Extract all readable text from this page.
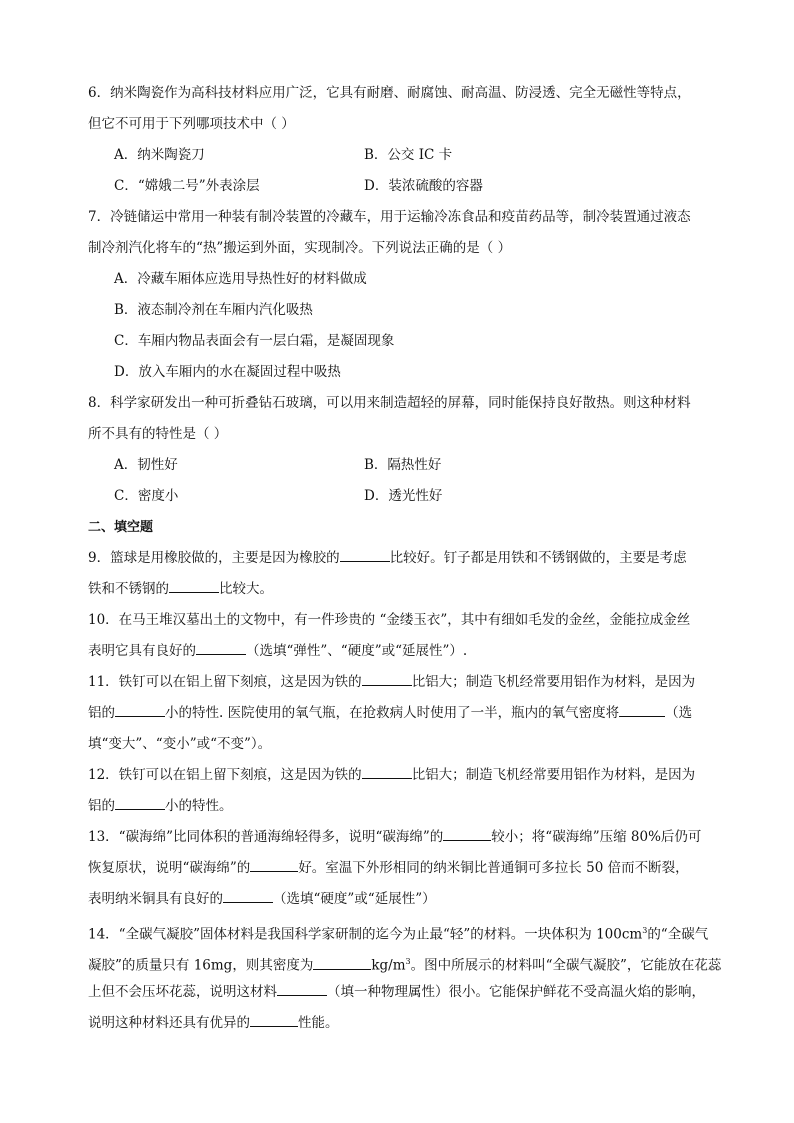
6．纳米陶瓷作为高科技材料应用广泛，它具有耐磨、耐腐蚀、耐高温、防浸透、完全无磁性等特点，
但它不可用于下列哪项技术中（ ）
A．纳米陶瓷刀	B．公交 IC 卡
C．“嫦娥二号”外表涂层	D．装浓硫酸的容器
7．冷链储运中常用一种装有制冷装置的冷藏车，用于运输冷冻食品和疫苗药品等，制冷装置通过液态
制冷剂汽化将车的“热”搬运到外面，实现制冷。下列说法正确的是（ ）
A．冷藏车厢体应选用导热性好的材料做成
B．液态制冷剂在车厢内汽化吸热
C．车厢内物品表面会有一层白霜，是凝固现象
D．放入车厢内的水在凝固过程中吸热
8．科学家研发出一种可折叠钻石玻璃，可以用来制造超轻的屏幕，同时能保持良好散热。则这种材料
所不具有的特性是（ ）
A．韧性好	B．隔热性好
C．密度小	D．透光性好
二、填空题
9．篮球是用橡胶做的，主要是因为橡胶的	比较好。钉子都是用铁和不锈钢做的，主要是考虑
铁和不锈钢的	比较大。
10．在马王堆汉墓出土的文物中，有一件珍贵的 “金缕玉衣”，其中有细如毛发的金丝，金能拉成金丝
表明它具有良好的	（选填“弹性”、“硬度”或“延展性”）.
11．铁钉可以在铝上留下刻痕，这是因为铁的	比铝大；制造飞机经常要用铝作为材料，是因为
铝的	小的特性. 医院使用的氧气瓶，在抢救病人时使用了一半，瓶内的氧气密度将	（选
填“变大”、“变小”或“不变”）。
12．铁钉可以在铝上留下刻痕，这是因为铁的	比铝大；制造飞机经常要用铝作为材料，是因为
铝的	小的特性。
13．“碳海绵”比同体积的普通海绵轻得多，说明“碳海绵”的	较小；将“碳海绵”压缩 80%后仍可
恢复原状，说明“碳海绵”的	好。室温下外形相同的纳米铜比普通铜可多拉长 50 倍而不断裂，
表明纳米铜具有良好的	（选填“硬度”或“延展性”）
14．“全碳气凝胶”固体材料是我国科学家研制的迄今为止最“轻”的材料。一块体积为 $100cm^3$的“全碳气
凝胶”的质量只有 16mg，则其密度为	$kg/m^3$。图中所展示的材料叫“全碳气凝胶”，它能放在花蕊
上但不会压坏花蕊，说明这材料	（填一种物理属性）很小。它能保护鲜花不受高温火焰的影响，
说明这种材料还具有优异的	性能。
